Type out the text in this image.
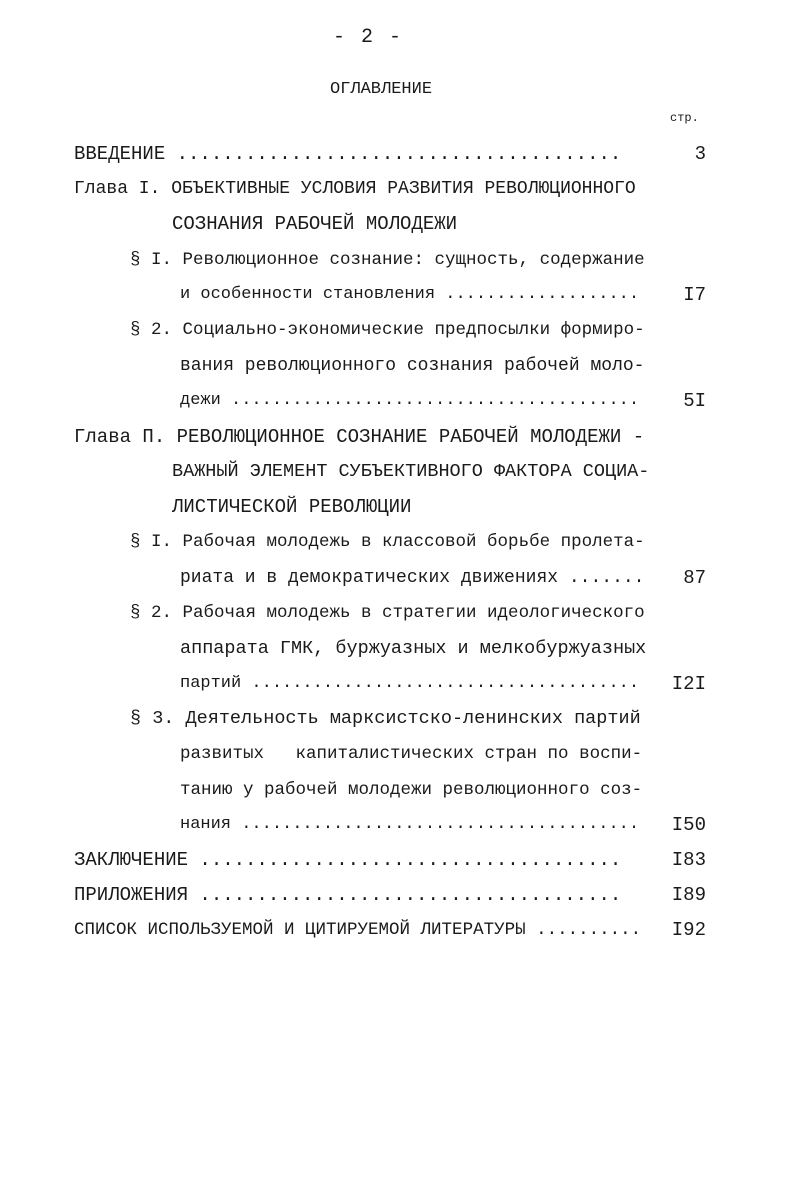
- 2 -
ОГЛАВЛЕНИЕ
стр.
ВВЕДЕНИЕ .......................................	3
Глава I. ОБЪЕКТИВНЫЕ УСЛОВИЯ РАЗВИТИЯ РЕВОЛЮЦИОННОГО
СОЗНАНИЯ РАБОЧЕЙ МОЛОДЕЖИ
§ I. Революционное сознание: сущность, содержание
и особенности становления ...................	I7
§ 2. Социально-экономические предпосылки формиро-
вания революционного сознания рабочей моло-
дежи ........................................	5I
Глава П. РЕВОЛЮЦИОННОЕ СОЗНАНИЕ РАБОЧЕЙ МОЛОДЕЖИ -
ВАЖНЫЙ ЭЛЕМЕНТ СУБЪЕКТИВНОГО ФАКТОРА СОЦИА-
ЛИСТИЧЕСКОЙ РЕВОЛЮЦИИ
§ I. Рабочая молодежь в классовой борьбе пролета-
риата и в демократических движениях .......	87
§ 2. Рабочая молодежь в стратегии идеологического
аппарата ГМК, буржуазных и мелкобуржуазных
партий ......................................	I2I
§ 3. Деятельность марксистско-ленинских партий
развитых   капиталистических стран по воспи-
танию у рабочей молодежи революционного соз-
нания .......................................	I50
ЗАКЛЮЧЕНИЕ .....................................	I83
ПРИЛОЖЕНИЯ .....................................	I89
СПИСОК ИСПОЛЬЗУЕМОЙ И ЦИТИРУЕМОЙ ЛИТЕРАТУРЫ ..........	I92
